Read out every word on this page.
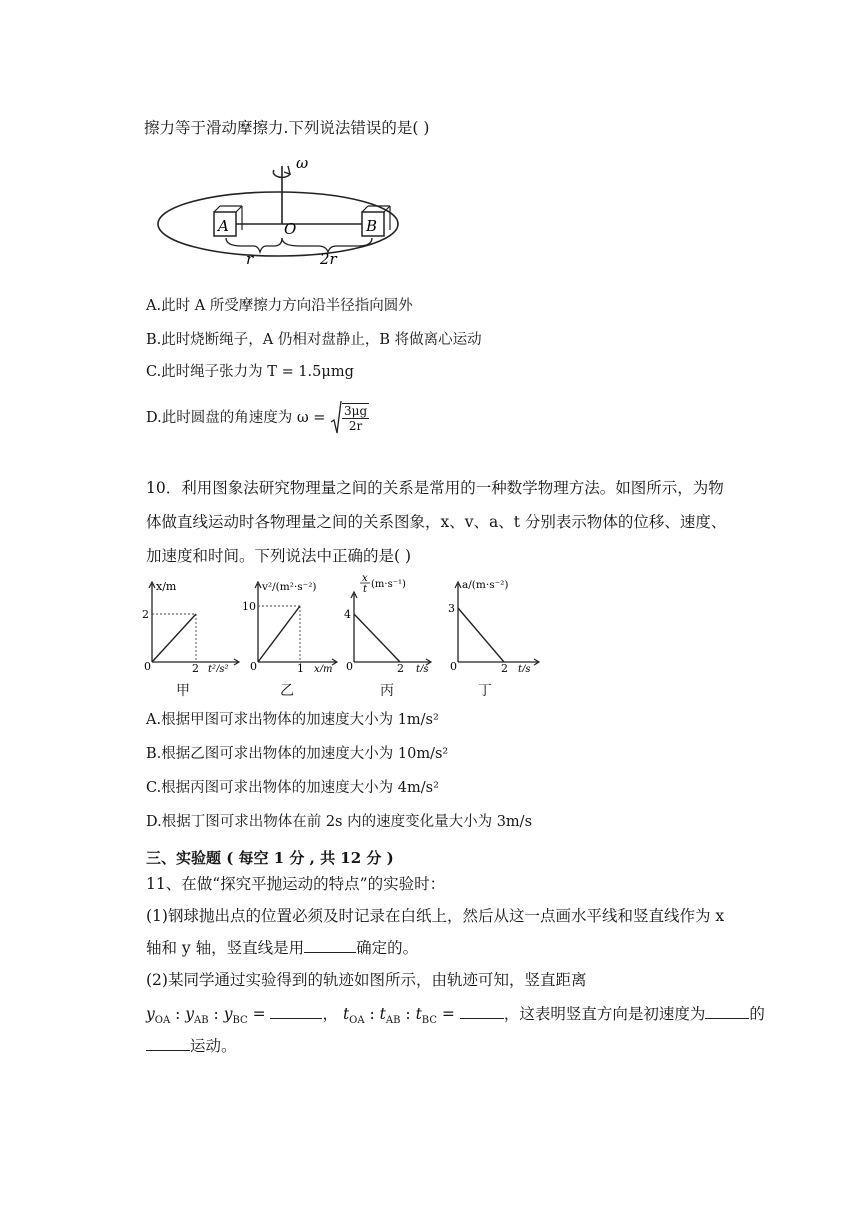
擦力等于滑动摩擦力.下列说法错误的是( )
ω
A	B
O
r	2r
A.此时 A 所受摩擦力方向沿半径指向圆外
B.此时烧断绳子，A 仍相对盘静止，B 将做离心运动
C.此时绳子张力为 T = 1.5μmg
D.此时圆盘的角速度为 $\omega = \frac{3\mu g}{2r}$
10．利用图象法研究物理量之间的关系是常用的一种数学物理方法。如图所示，为物
体做直线运动时各物理量之间的关系图象，x、v、a、t 分别表示物体的位移、速度、
加速度和时间。下列说法中正确的是( )
x/m
2
0	2 t²/s²
甲
v²/(m²·s⁻²)
10
0	1 x/m
乙
x
t (m·s⁻¹)
4
0	2 t/s
丙
a/(m·s⁻²)
3
0	2 t/s
丁
A.根据甲图可求出物体的加速度大小为 1m/s²
B.根据乙图可求出物体的加速度大小为 10m/s²
C.根据丙图可求出物体的加速度大小为 4m/s²
D.根据丁图可求出物体在前 2s 内的速度变化量大小为 3m/s
三、实验题 ( 每空 1 分 , 共 12 分 )
11、在做“探究平抛运动的特点”的实验时：
(1)钢球抛出点的位置必须及时记录在白纸上，然后从这一点画水平线和竖直线作为 x
轴和 y 轴，竖直线是用	确定的。
(2)某同学通过实验得到的轨迹如图所示，由轨迹可知，竖直距离
$y_{OA}$ : $y_{AB}$ : $y_{BC}$ =	， $t_{OA}$ : $t_{AB}$ : $t_{BC}$ =	，这表明竖直方向是初速度为	的
运动。
